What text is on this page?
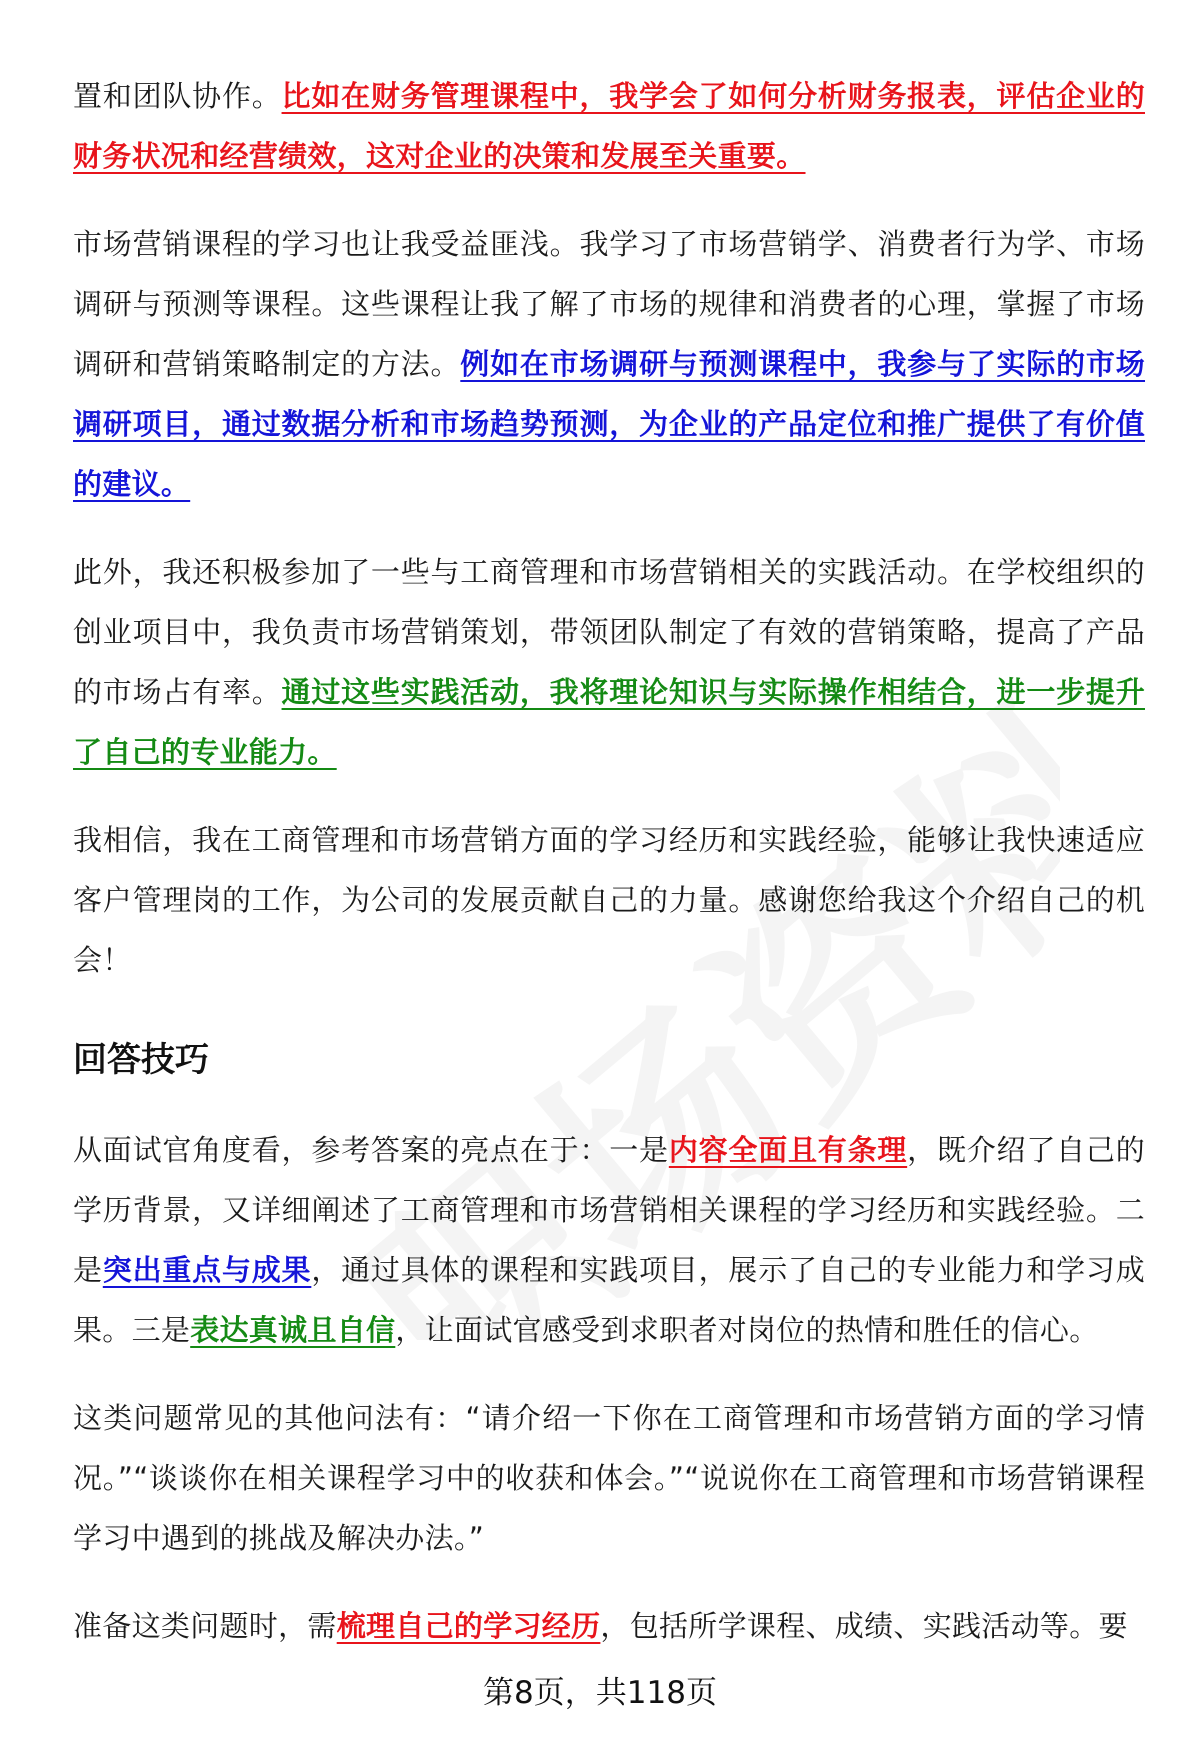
置和团队协作。比如在财务管理课程中，我学会了如何分析财务报表，评估企业的财务状况和经营绩效，这对企业的决策和发展至关重要。

市场营销课程的学习也让我受益匪浅。我学习了市场营销学、消费者行为学、市场调研与预测等课程。这些课程让我了解了市场的规律和消费者的心理，掌握了市场调研和营销策略制定的方法。例如在市场调研与预测课程中，我参与了实际的市场调研项目，通过数据分析和市场趋势预测，为企业的产品定位和推广提供了有价值的建议。

此外，我还积极参加了一些与工商管理和市场营销相关的实践活动。在学校组织的创业项目中，我负责市场营销策划，带领团队制定了有效的营销策略，提高了产品的市场占有率。通过这些实践活动，我将理论知识与实际操作相结合，进一步提升了自己的专业能力。

我相信，我在工商管理和市场营销方面的学习经历和实践经验，能够让我快速适应客户管理岗的工作，为公司的发展贡献自己的力量。感谢您给我这个介绍自己的机会！

回答技巧

从面试官角度看，参考答案的亮点在于：一是内容全面且有条理，既介绍了自己的学历背景，又详细阐述了工商管理和市场营销相关课程的学习经历和实践经验。二是突出重点与成果，通过具体的课程和实践项目，展示了自己的专业能力和学习成果。三是表达真诚且自信，让面试官感受到求职者对岗位的热情和胜任的信心。

这类问题常见的其他问法有：“请介绍一下你在工商管理和市场营销方面的学习情况。”“谈谈你在相关课程学习中的收获和体会。”“说说你在工商管理和市场营销课程学习中遇到的挑战及解决办法。”

准备这类问题时，需梳理自己的学习经历，包括所学课程、成绩、实践活动等。要

第8页，共118页
